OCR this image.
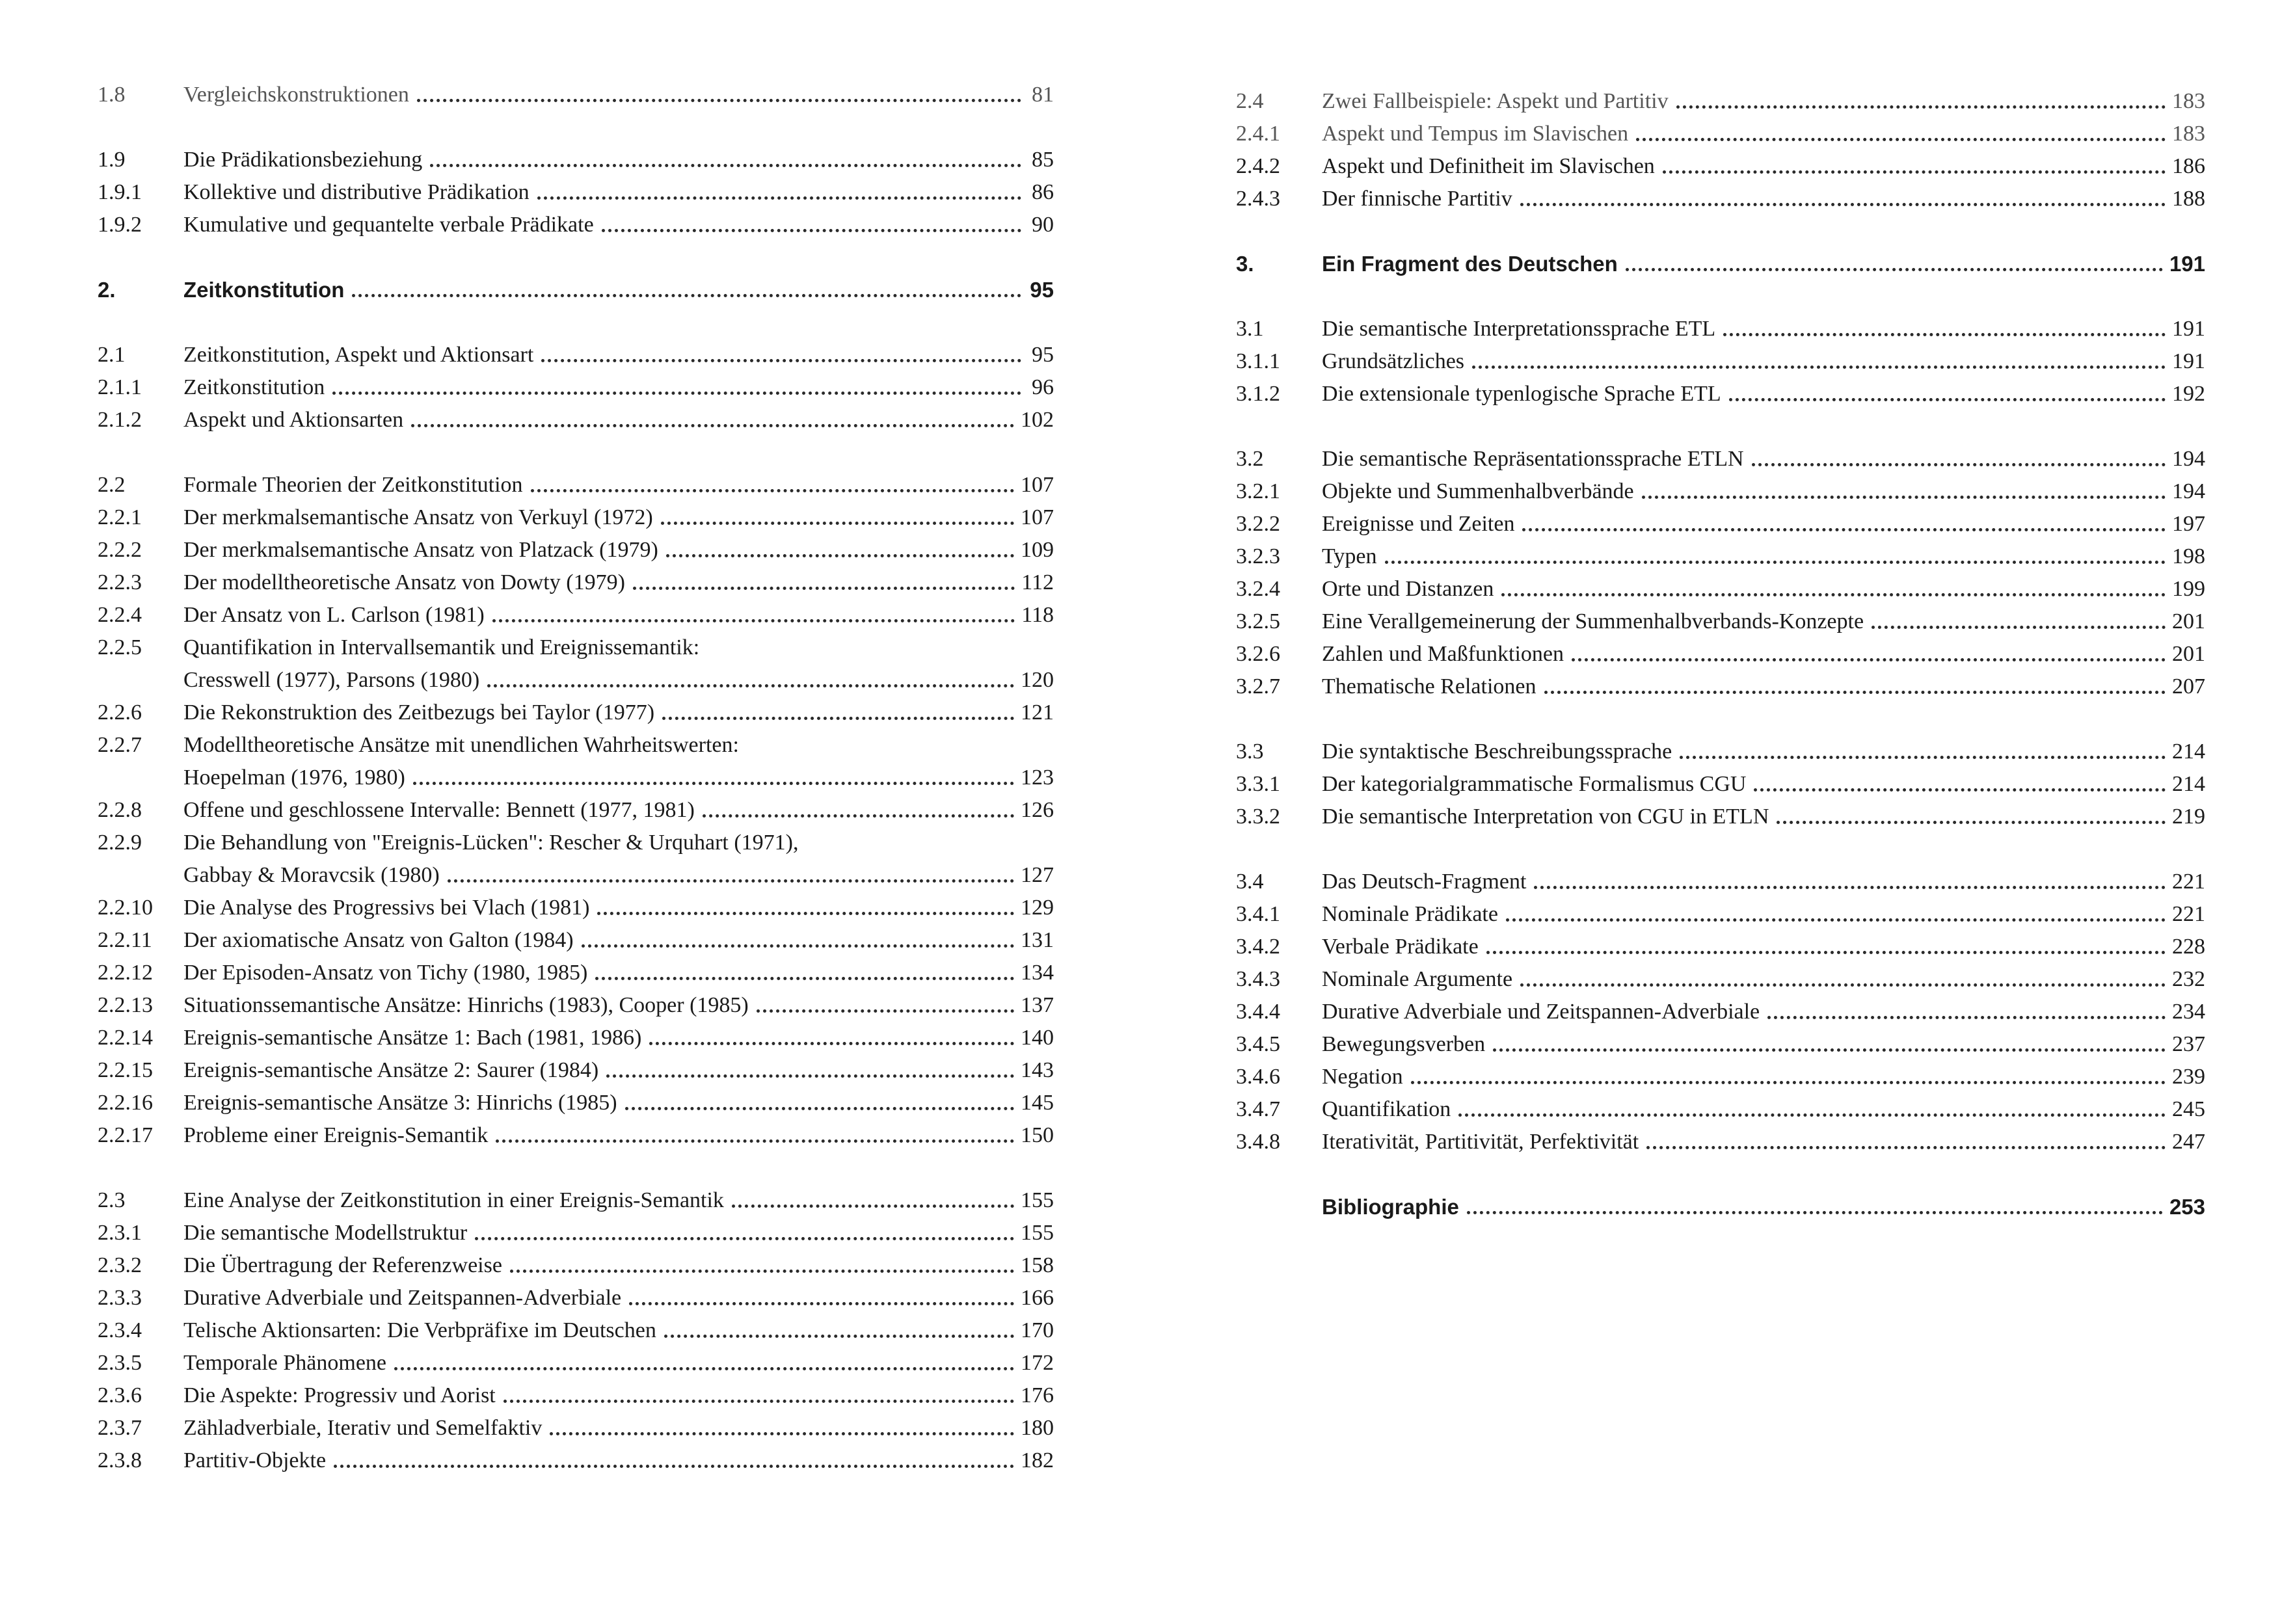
1.8	Vergleichskonstruktionen	81
1.9	Die Prädikationsbeziehung	85
1.9.1	Kollektive und distributive Prädikation	86
1.9.2	Kumulative und gequantelte verbale Prädikate	90
2.	Zeitkonstitution	95
2.1	Zeitkonstitution, Aspekt und Aktionsart	95
2.1.1	Zeitkonstitution	96
2.1.2	Aspekt und Aktionsarten	102
2.2	Formale Theorien der Zeitkonstitution	107
2.2.1	Der merkmalsemantische Ansatz von Verkuyl (1972)	107
2.2.2	Der merkmalsemantische Ansatz von Platzack (1979)	109
2.2.3	Der modelltheoretische Ansatz von Dowty (1979)	112
2.2.4	Der Ansatz von L. Carlson (1981)	118
2.2.5	Quantifikation in Intervallsemantik und Ereignissemantik:
Cresswell (1977), Parsons (1980)	120
2.2.6	Die Rekonstruktion des Zeitbezugs bei Taylor (1977)	121
2.2.7	Modelltheoretische Ansätze mit unendlichen Wahrheitswerten:
Hoepelman (1976, 1980)	123
2.2.8	Offene und geschlossene Intervalle: Bennett (1977, 1981)	126
2.2.9	Die Behandlung von "Ereignis-Lücken": Rescher & Urquhart (1971),
Gabbay & Moravcsik (1980)	127
2.2.10	Die Analyse des Progressivs bei Vlach (1981)	129
2.2.11	Der axiomatische Ansatz von Galton (1984)	131
2.2.12	Der Episoden-Ansatz von Tichy (1980, 1985)	134
2.2.13	Situationssemantische Ansätze: Hinrichs (1983), Cooper (1985)	137
2.2.14	Ereignis-semantische Ansätze 1: Bach (1981, 1986)	140
2.2.15	Ereignis-semantische Ansätze 2: Saurer (1984)	143
2.2.16	Ereignis-semantische Ansätze 3: Hinrichs (1985)	145
2.2.17	Probleme einer Ereignis-Semantik	150
2.3	Eine Analyse der Zeitkonstitution in einer Ereignis-Semantik	155
2.3.1	Die semantische Modellstruktur	155
2.3.2	Die Übertragung der Referenzweise	158
2.3.3	Durative Adverbiale und Zeitspannen-Adverbiale	166
2.3.4	Telische Aktionsarten: Die Verbpräfixe im Deutschen	170
2.3.5	Temporale Phänomene	172
2.3.6	Die Aspekte: Progressiv und Aorist	176
2.3.7	Zähladverbiale, Iterativ und Semelfaktiv	180
2.3.8	Partitiv-Objekte	182
2.4	Zwei Fallbeispiele: Aspekt und Partitiv	183
2.4.1	Aspekt und Tempus im Slavischen	183
2.4.2	Aspekt und Definitheit im Slavischen	186
2.4.3	Der finnische Partitiv	188
3.	Ein Fragment des Deutschen	191
3.1	Die semantische Interpretationssprache ETL	191
3.1.1	Grundsätzliches	191
3.1.2	Die extensionale typenlogische Sprache ETL	192
3.2	Die semantische Repräsentationssprache ETLN	194
3.2.1	Objekte und Summenhalbverbände	194
3.2.2	Ereignisse und Zeiten	197
3.2.3	Typen	198
3.2.4	Orte und Distanzen	199
3.2.5	Eine Verallgemeinerung der Summenhalbverbands-Konzepte	201
3.2.6	Zahlen und Maßfunktionen	201
3.2.7	Thematische Relationen	207
3.3	Die syntaktische Beschreibungssprache	214
3.3.1	Der kategorialgrammatische Formalismus CGU	214
3.3.2	Die semantische Interpretation von CGU in ETLN	219
3.4	Das Deutsch-Fragment	221
3.4.1	Nominale Prädikate	221
3.4.2	Verbale Prädikate	228
3.4.3	Nominale Argumente	232
3.4.4	Durative Adverbiale und Zeitspannen-Adverbiale	234
3.4.5	Bewegungsverben	237
3.4.6	Negation	239
3.4.7	Quantifikation	245
3.4.8	Iterativität, Partitivität, Perfektivität	247
Bibliographie	253
